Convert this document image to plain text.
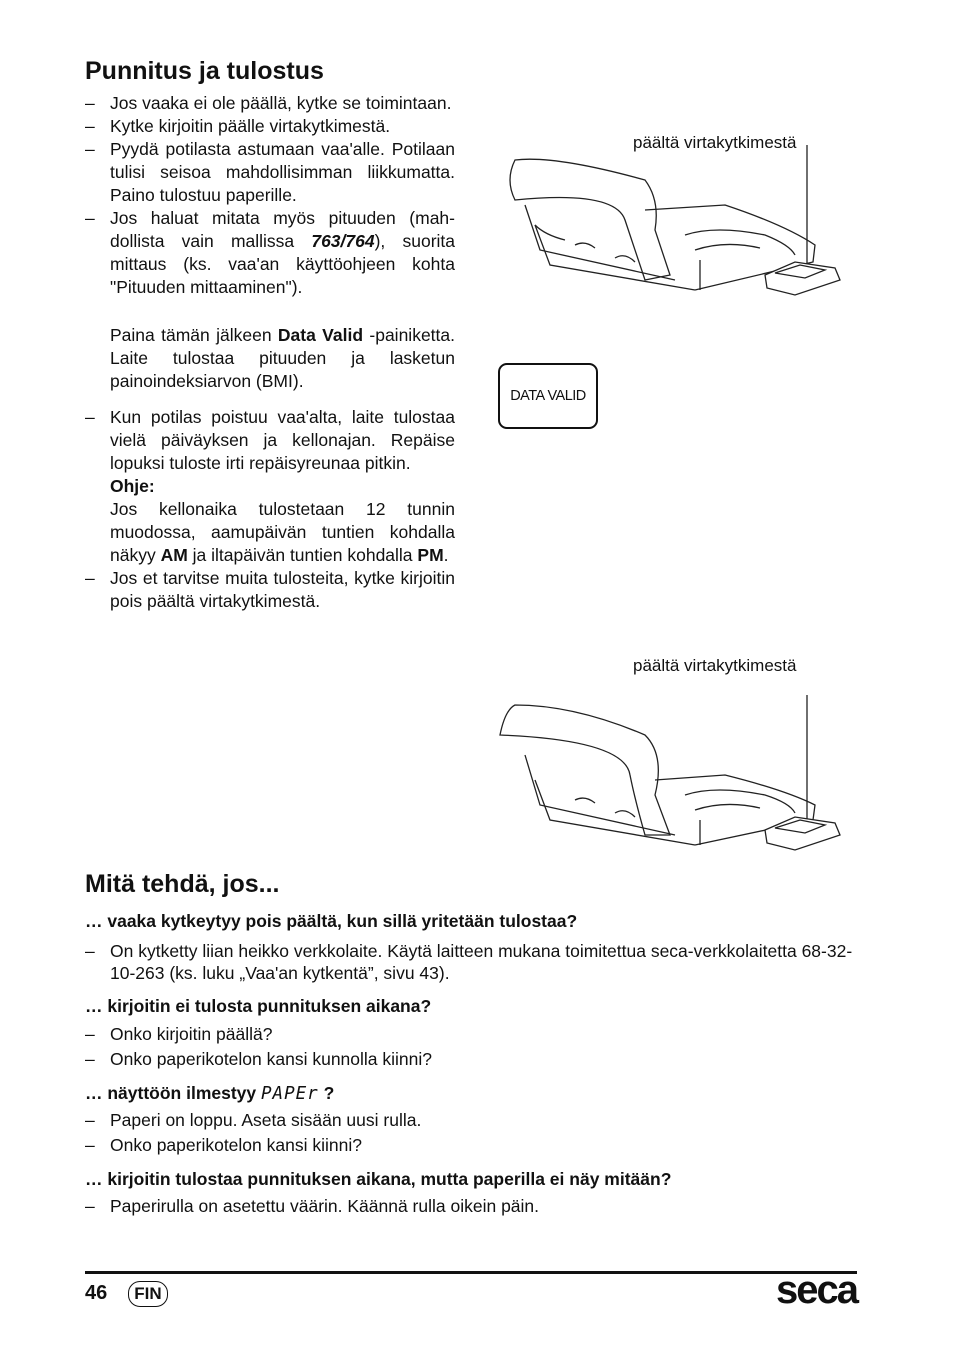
Punnitus ja tulostus
– Jos vaaka ei ole päällä, kytke se toimintaan.

– Kytke kirjoitin päälle virtakytkimestä.

– Pyydä potilasta astumaan vaa'alle. Potilaan tulisi seisoa mahdollisimman liikkumatta. Paino tulostuu paperille.

– Jos haluat mitata myös pituuden (mahdollista vain mallissa 763/764), suorita mittaus (ks. vaa'an käyttöohjeen kohta "Pituuden mittaaminen").

Paina tämän jälkeen Data Valid -painiketta. Laite tulostaa pituuden ja lasketun painoindeksiarvon (BMI).

– Kun potilas poistuu vaa'alta, laite tulostaa vielä päiväyksen ja kellonajan. Repäise lopuksi tuloste irti repäisyreunaa pitkin.

Ohje:

Jos kellonaika tulostetaan 12 tunnin muodossa, aamupäivän tuntien kohdalla näkyy AM ja iltapäivän tuntien kohdalla PM.

– Jos et tarvitse muita tulosteita, kytke kirjoitin pois päältä virtakytkimestä.

päältä virtakytkimestä
päältä virtakytkimestä
DATA VALID
Mitä tehdä, jos...
… vaaka kytkeytyy pois päältä, kun sillä yritetään tulostaa?
– On kytketty liian heikko verkkolaite. Käytä laitteen mukana toimitettua seca-verkkolaitetta 68-32-10-263 (ks. luku „Vaa'an kytkentä”, sivu 43).

… kirjoitin ei tulosta punnituksen aikana?
– Onko kirjoitin päällä?

– Onko paperikotelon kansi kunnolla kiinni?

… näyttöön ilmestyy PAPEr ?
– Paperi on loppu. Aseta sisään uusi rulla.

– Onko paperikotelon kansi kiinni?

… kirjoitin tulostaa punnituksen aikana, mutta paperilla ei näy mitään?
– Paperirulla on asetettu väärin. Käännä rulla oikein päin.

46	FIN	seca
